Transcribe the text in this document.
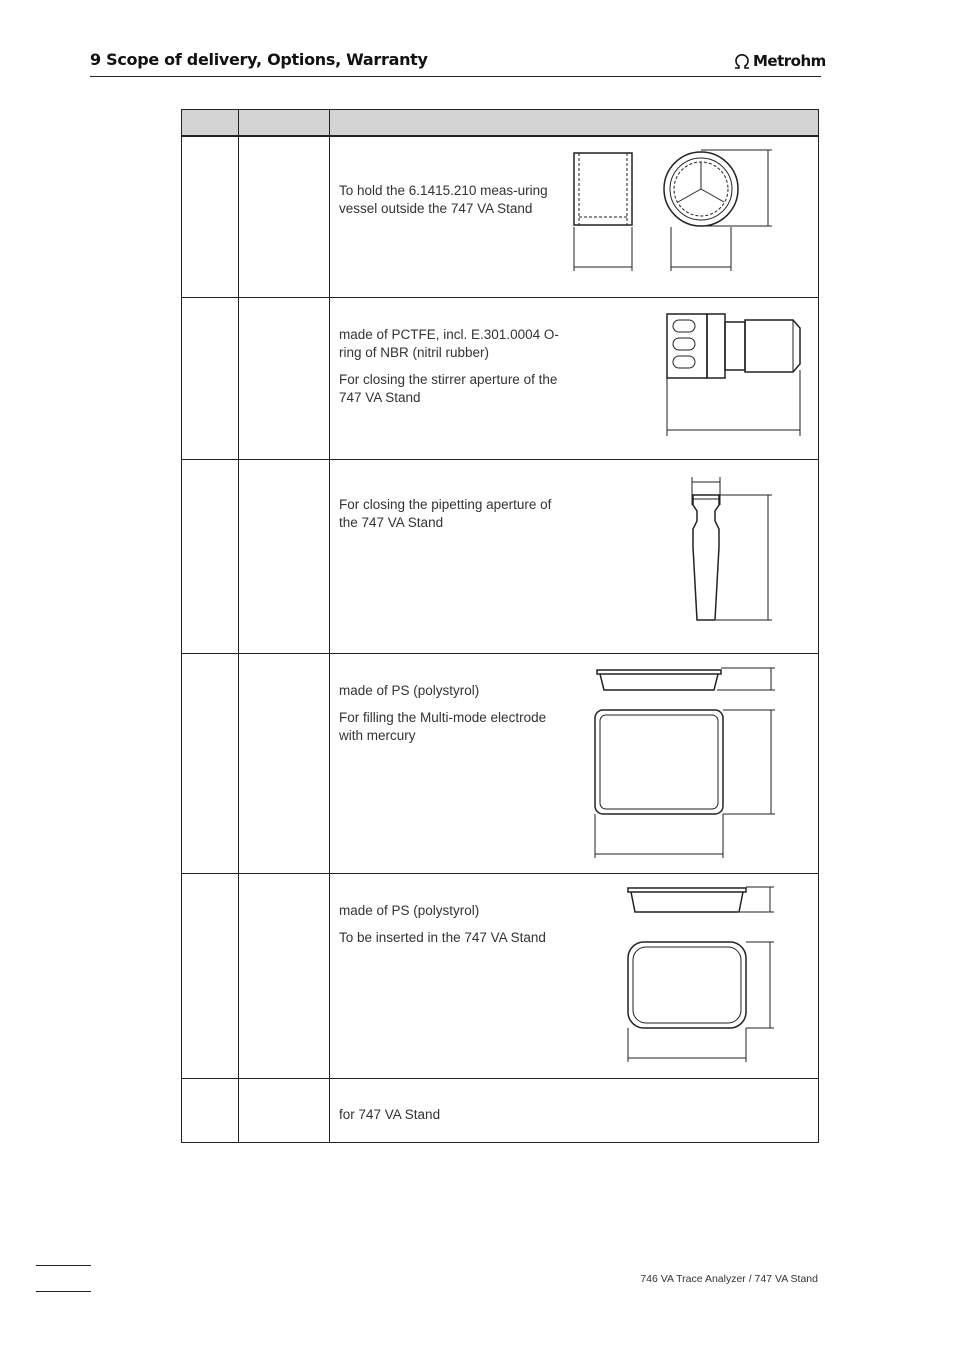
9 Scope of delivery, Options, Warranty	Metrohm

To hold the 6.1415.210 meas-uring vessel outside the 747 VA Stand

made of PCTFE, incl. E.301.0004 O-ring of NBR (nitril rubber)

For closing the stirrer aperture of the 747 VA Stand

For closing the pipetting aperture of the 747 VA Stand

made of PS (polystyrol)

For filling the Multi-mode electrode with mercury

made of PS (polystyrol)

To be inserted in the 747 VA Stand

for 747 VA Stand

746 VA Trace Analyzer / 747 VA Stand
